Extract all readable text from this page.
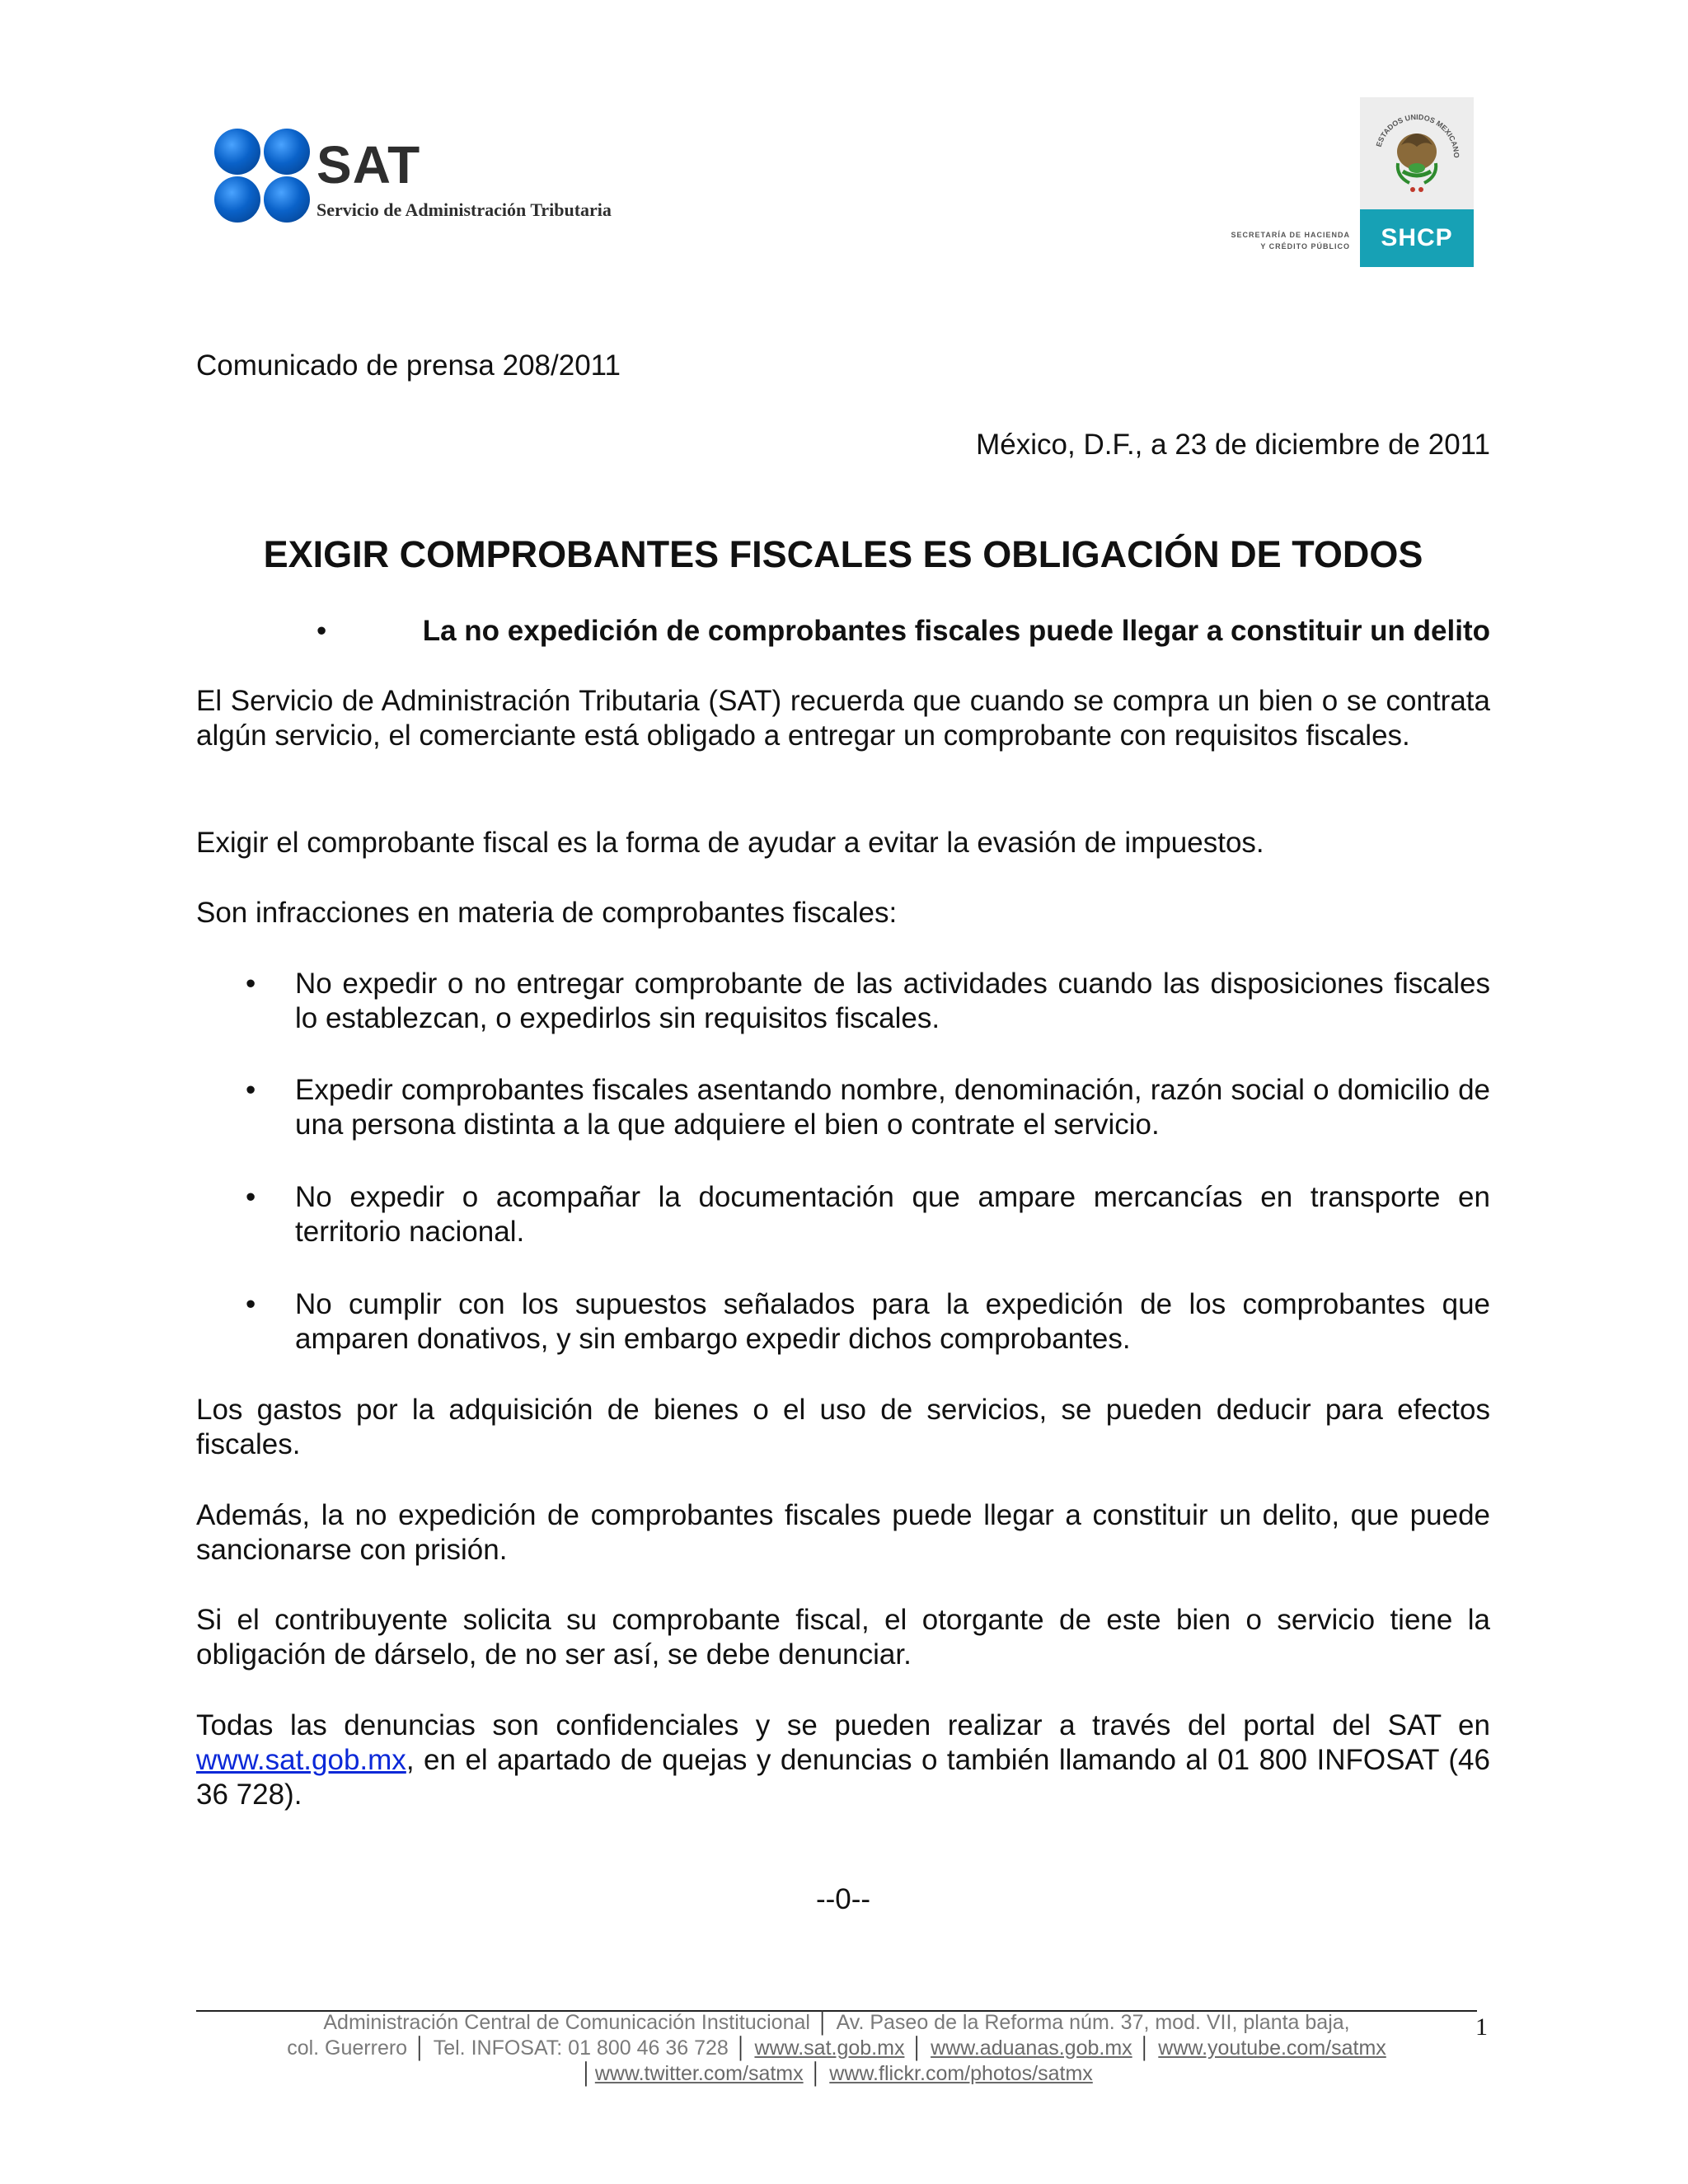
SAT
Servicio de Administración Tributaria
ESTADOS UNIDOS MEXICANO
SHCP
SECRETARÍA DE HACIENDA
Y CRÉDITO PÚBLICO
Comunicado de prensa 208/2011
México, D.F., a 23 de diciembre de 2011
EXIGIR COMPROBANTES FISCALES ES OBLIGACIÓN DE TODOS
•	La no expedición de comprobantes fiscales puede llegar a constituir un delito
El Servicio de Administración Tributaria (SAT) recuerda que cuando se compra un bien o se contrata algún servicio, el comerciante está obligado a entregar un comprobante con requisitos fiscales.
Exigir el comprobante fiscal es la forma de ayudar a evitar la evasión de impuestos.
Son infracciones en materia de comprobantes fiscales:
• No expedir o no entregar comprobante de las actividades cuando las disposiciones fiscales lo establezcan, o expedirlos sin requisitos fiscales.
• Expedir comprobantes fiscales asentando nombre, denominación, razón social o domicilio de una persona distinta a la que adquiere el bien o contrate el servicio.
• No expedir o acompañar la documentación que ampare mercancías en transporte en territorio nacional.
• No cumplir con los supuestos señalados para la expedición de los comprobantes que amparen donativos, y sin embargo expedir dichos comprobantes.
Los gastos por la adquisición de bienes o el uso de servicios, se pueden deducir para efectos fiscales.
Además, la no expedición de comprobantes fiscales puede llegar a constituir un delito, que puede sancionarse con prisión.
Si el contribuyente solicita su comprobante fiscal, el otorgante de este bien o servicio tiene la obligación de dárselo, de no ser así, se debe denunciar.
Todas las denuncias son confidenciales y se pueden realizar a través del portal del SAT en www.sat.gob.mx, en el apartado de quejas y denuncias o también llamando al 01 800 INFOSAT (46 36 728).
--0--
1
Administración Central de Comunicación Institucional │ Av. Paseo de la Reforma núm. 37, mod. VII, planta baja,
col. Guerrero │ Tel. INFOSAT: 01 800 46 36 728 │ www.sat.gob.mx │ www.aduanas.gob.mx │ www.youtube.com/satmx
│www.twitter.com/satmx │ www.flickr.com/photos/satmx
